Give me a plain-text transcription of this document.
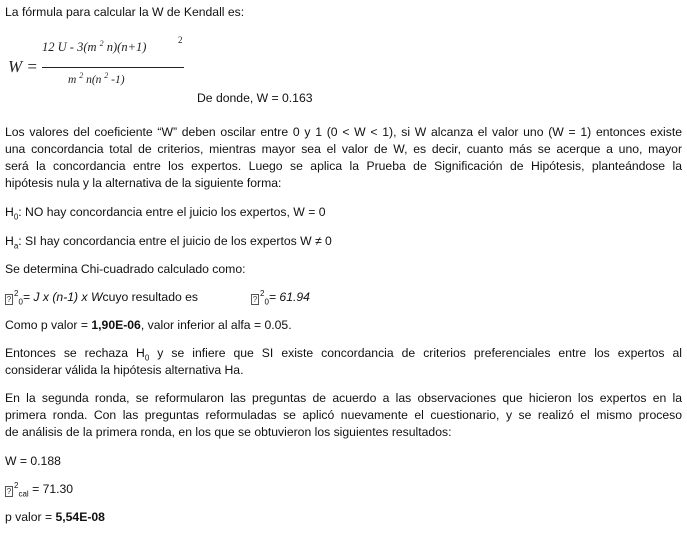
La fórmula para calcular la W de Kendall es:
W =
12 U - 3(m $^2$ n)(n+1)	2
m $^2$ n(n $^2$ -1)
De donde, W = 0.163
Los valores del coeficiente “W” deben oscilar entre 0 y 1 (0 < W < 1), si W alcanza el valor uno (W = 1) entonces existe
una concordancia total de criterios, mientras mayor sea el valor de W, es decir, cuanto más se acerque a uno, mayor
será la concordancia entre los expertos. Luego se aplica la Prueba de Significación de Hipótesis, planteándose la
hipótesis nula y la alternativa de la siguiente forma:
$H_0$: NO hay concordancia entre el juicio los expertos, W = 0
$H_a$: SI hay concordancia entre el juicio de los expertos W ≠ 0
Se determina Chi-cuadrado calculado como:
?$^2_0$= J x (n-1) x Wcuyo resultado es	?$^2_0$= 61.94
Como p valor = 1,90E-06, valor inferior al alfa = 0.05.
Entonces se rechaza $H_0$ y se infiere que SI existe concordancia de criterios preferenciales entre los expertos al
considerar válida la hipótesis alternativa Ha.
En la segunda ronda, se reformularon las preguntas de acuerdo a las observaciones que hicieron los expertos en la
primera ronda. Con las preguntas reformuladas se aplicó nuevamente el cuestionario, y se realizó el mismo proceso
de análisis de la primera ronda, en los que se obtuvieron los siguientes resultados:
W = 0.188
?$^2_{cal}$ = 71.30
p valor = 5,54E-08
